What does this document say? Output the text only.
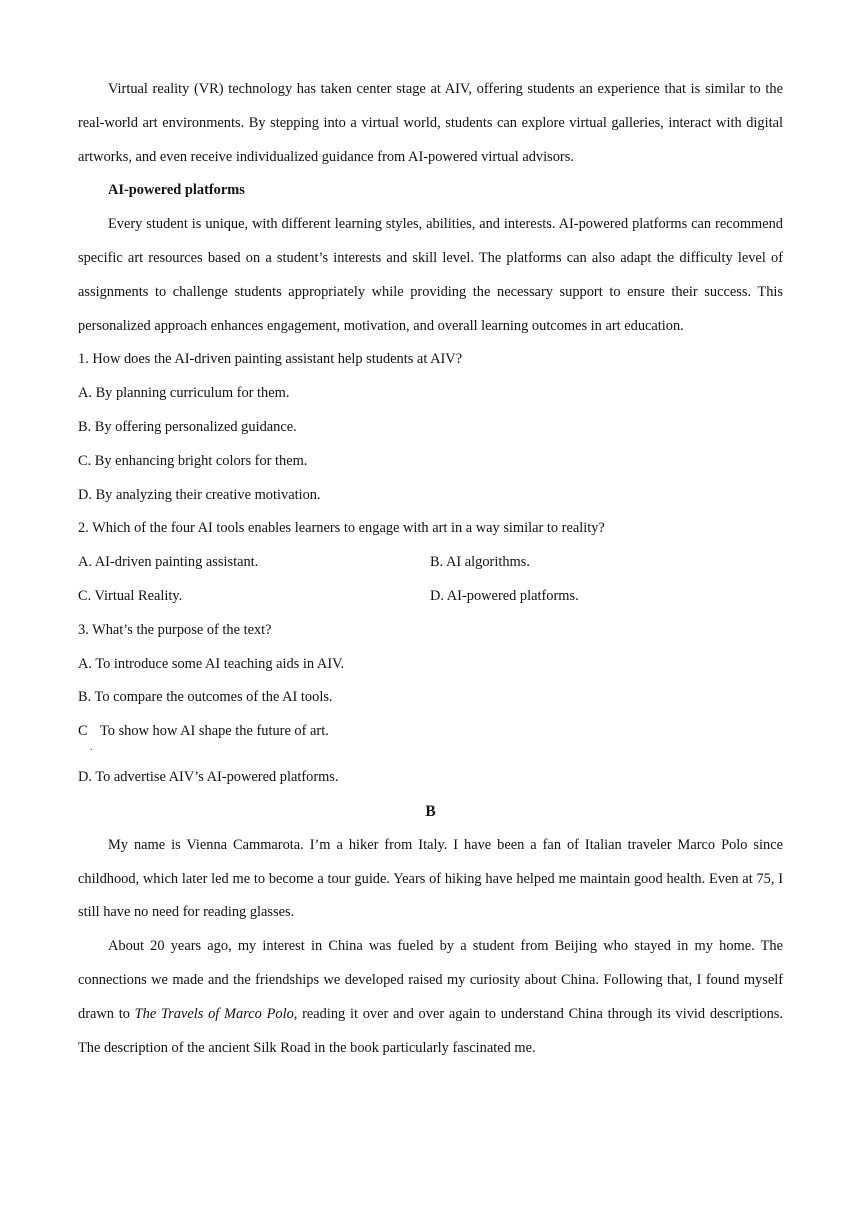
Virtual reality (VR) technology has taken center stage at AIV, offering students an experience that is similar to the real-world art environments. By stepping into a virtual world, students can explore virtual galleries, interact with digital artworks, and even receive individualized guidance from AI-powered virtual advisors.

AI-powered platforms

Every student is unique, with different learning styles, abilities, and interests. AI-powered platforms can recommend specific art resources based on a student’s interests and skill level. The platforms can also adapt the difficulty level of assignments to challenge students appropriately while providing the necessary support to ensure their success. This personalized approach enhances engagement, motivation, and overall learning outcomes in art education.

1. How does the AI-driven painting assistant help students at AIV?
A. By planning curriculum for them.
B. By offering personalized guidance.
C. By enhancing bright colors for them.
D. By analyzing their creative motivation.
2. Which of the four AI tools enables learners to engage with art in a way similar to reality?
A. AI-driven painting assistant.	B. AI algorithms.
C. Virtual Reality.	D. AI-powered platforms.
3. What’s the purpose of the text?
A. To introduce some AI teaching aids in AIV.
B. To compare the outcomes of the AI tools.
C To show how AI shape the future of art.
.
D. To advertise AIV’s AI-powered platforms.
B

My name is Vienna Cammarota. I’m a hiker from Italy. I have been a fan of Italian traveler Marco Polo since childhood, which later led me to become a tour guide. Years of hiking have helped me maintain good health. Even at 75, I still have no need for reading glasses.

About 20 years ago, my interest in China was fueled by a student from Beijing who stayed in my home. The connections we made and the friendships we developed raised my curiosity about China. Following that, I found myself drawn to The Travels of Marco Polo, reading it over and over again to understand China through its vivid descriptions. The description of the ancient Silk Road in the book particularly fascinated me.
